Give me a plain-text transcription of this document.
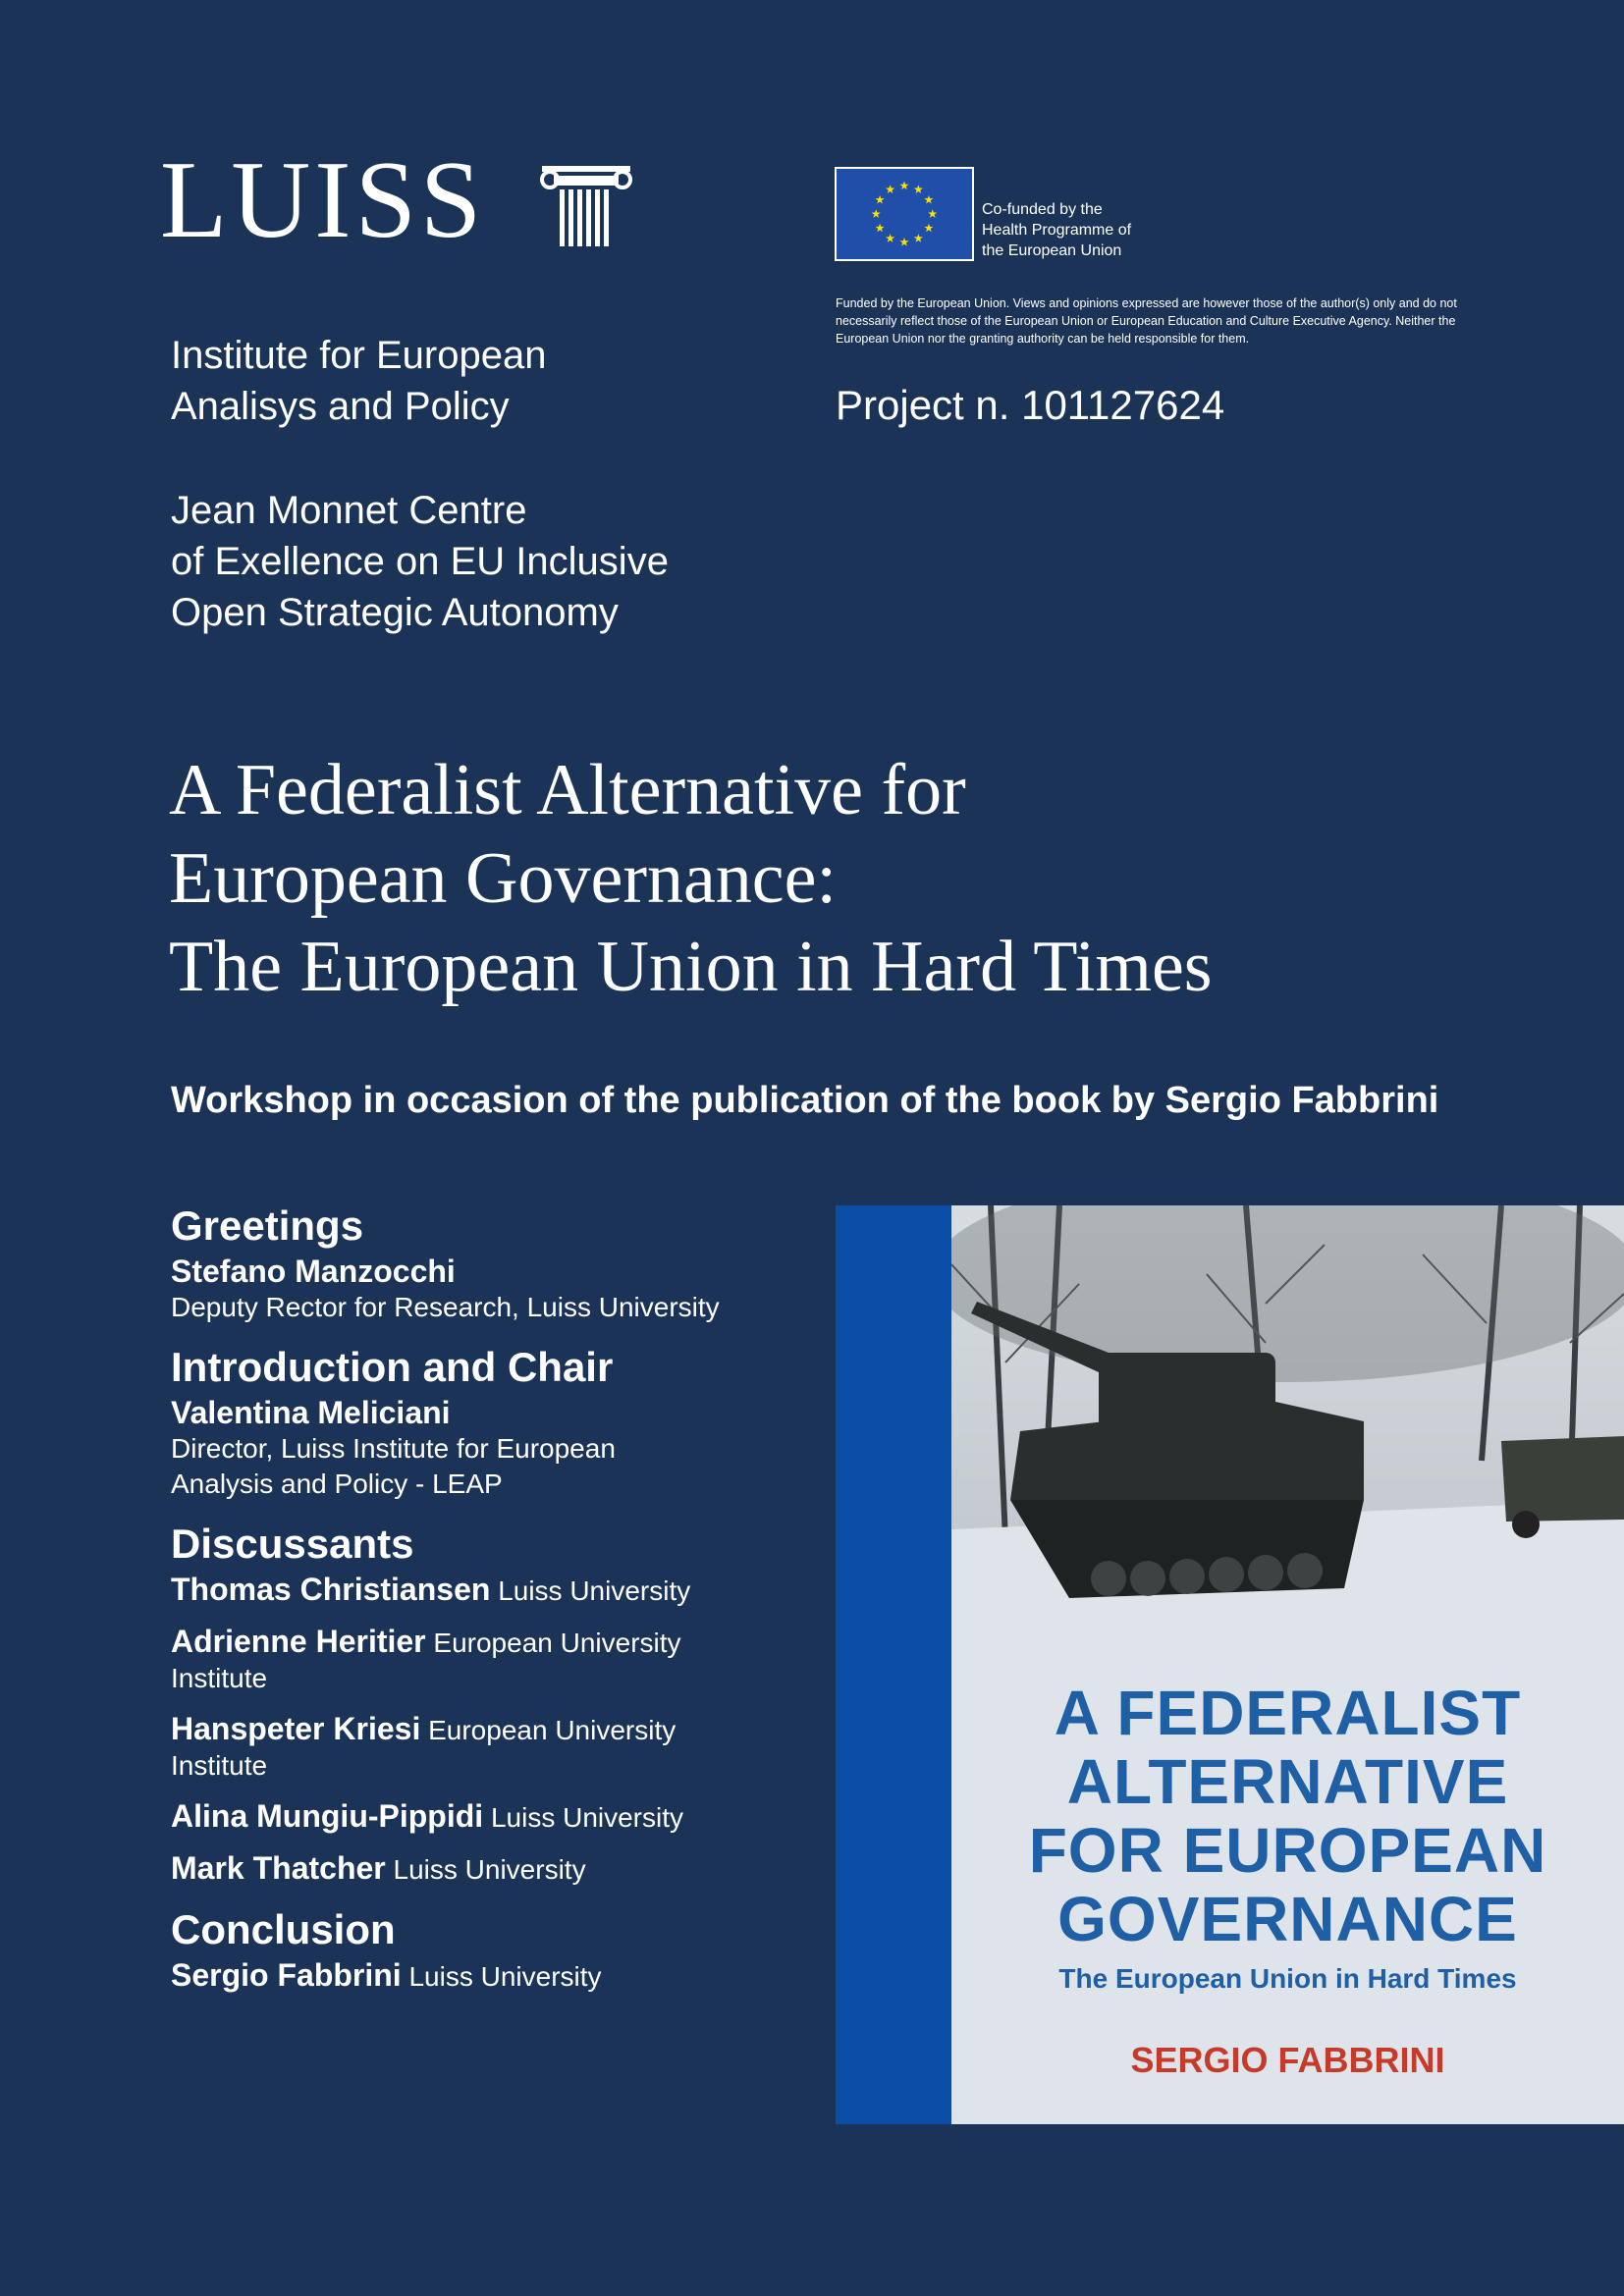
LUISS	Co-funded by the
Health Programme of
the European Union
Funded by the European Union. Views and opinions expressed are however those of the author(s) only and do not necessarily reflect those of the European Union or European Education and Culture Executive Agency. Neither the European Union nor the granting authority can be held responsible for them.
Project n. 101127624
Institute for European
Analisys and Policy
Jean Monnet Centre
of Exellence on EU Inclusive
Open Strategic Autonomy
A Federalist Alternative for
European Governance:
The European Union in Hard Times
Workshop in occasion of the publication of the book by Sergio Fabbrini
Greetings
Stefano Manzocchi
Deputy Rector for Research, Luiss University
Introduction and Chair
Valentina Meliciani
Director, Luiss Institute for European
Analysis and Policy - LEAP
Discussants
Thomas Christiansen Luiss University
Adrienne Heritier European University Institute
Hanspeter Kriesi European University Institute
Alina Mungiu-Pippidi Luiss University
Mark Thatcher Luiss University
Conclusion
Sergio Fabbrini Luiss University
A FEDERALIST
ALTERNATIVE
FOR EUROPEAN
GOVERNANCE
The European Union in Hard Times
SERGIO FABBRINI
